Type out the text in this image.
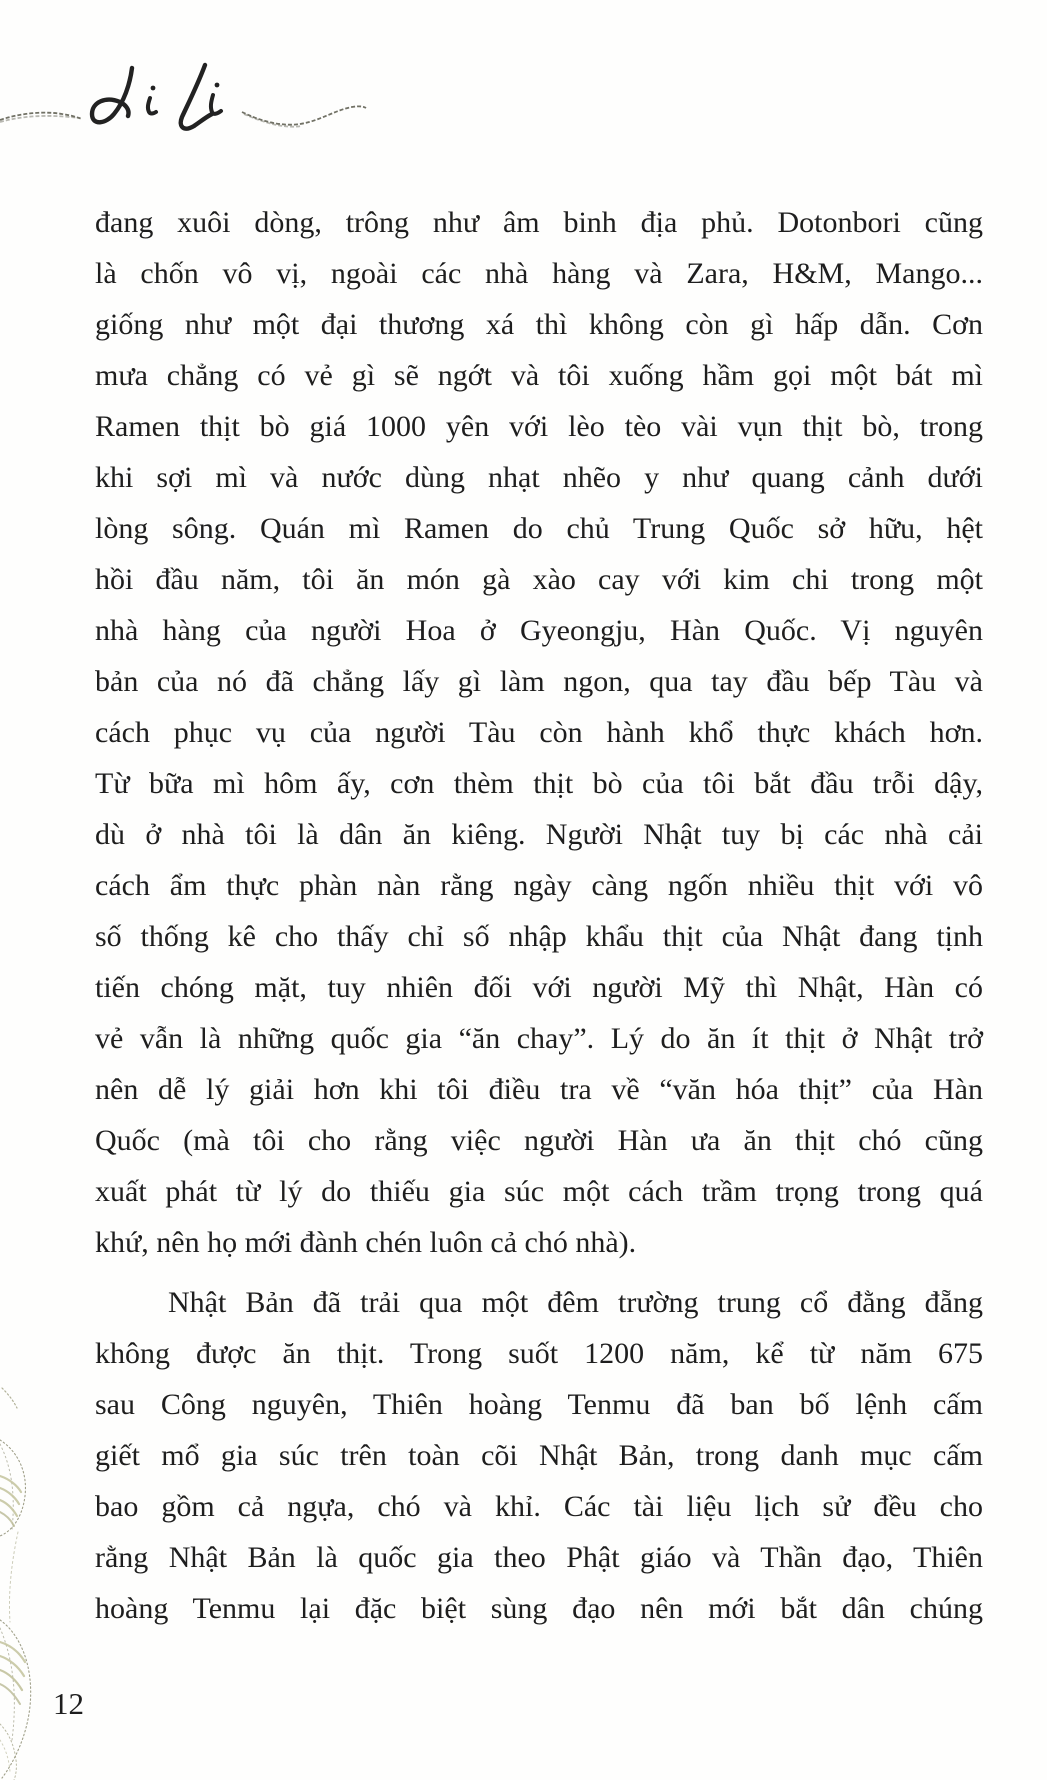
đang xuôi dòng, trông như âm binh địa phủ. Dotonbori cũng
là chốn vô vị, ngoài các nhà hàng và Zara, H&M, Mango...
giống như một đại thương xá thì không còn gì hấp dẫn. Cơn
mưa chẳng có vẻ gì sẽ ngớt và tôi xuống hầm gọi một bát mì
Ramen thịt bò giá 1000 yên với lèo tèo vài vụn thịt bò, trong
khi sợi mì và nước dùng nhạt nhẽo y như quang cảnh dưới
lòng sông. Quán mì Ramen do chủ Trung Quốc sở hữu, hệt
hồi đầu năm, tôi ăn món gà xào cay với kim chi trong một
nhà hàng của người Hoa ở Gyeongju, Hàn Quốc. Vị nguyên
bản của nó đã chẳng lấy gì làm ngon, qua tay đầu bếp Tàu và
cách phục vụ của người Tàu còn hành khổ thực khách hơn.
Từ bữa mì hôm ấy, cơn thèm thịt bò của tôi bắt đầu trỗi dậy,
dù ở nhà tôi là dân ăn kiêng. Người Nhật tuy bị các nhà cải
cách ẩm thực phàn nàn rằng ngày càng ngốn nhiều thịt với vô
số thống kê cho thấy chỉ số nhập khẩu thịt của Nhật đang tịnh
tiến chóng mặt, tuy nhiên đối với người Mỹ thì Nhật, Hàn có
vẻ vẫn là những quốc gia “ăn chay”. Lý do ăn ít thịt ở Nhật trở
nên dễ lý giải hơn khi tôi điều tra về “văn hóa thịt” của Hàn
Quốc (mà tôi cho rằng việc người Hàn ưa ăn thịt chó cũng
xuất phát từ lý do thiếu gia súc một cách trầm trọng trong quá
khứ, nên họ mới đành chén luôn cả chó nhà).
Nhật Bản đã trải qua một đêm trường trung cổ đằng đẵng
không được ăn thịt. Trong suốt 1200 năm, kể từ năm 675
sau Công nguyên, Thiên hoàng Tenmu đã ban bố lệnh cấm
giết mổ gia súc trên toàn cõi Nhật Bản, trong danh mục cấm
bao gồm cả ngựa, chó và khỉ. Các tài liệu lịch sử đều cho
rằng Nhật Bản là quốc gia theo Phật giáo và Thần đạo, Thiên
hoàng Tenmu lại đặc biệt sùng đạo nên mới bắt dân chúng
12
